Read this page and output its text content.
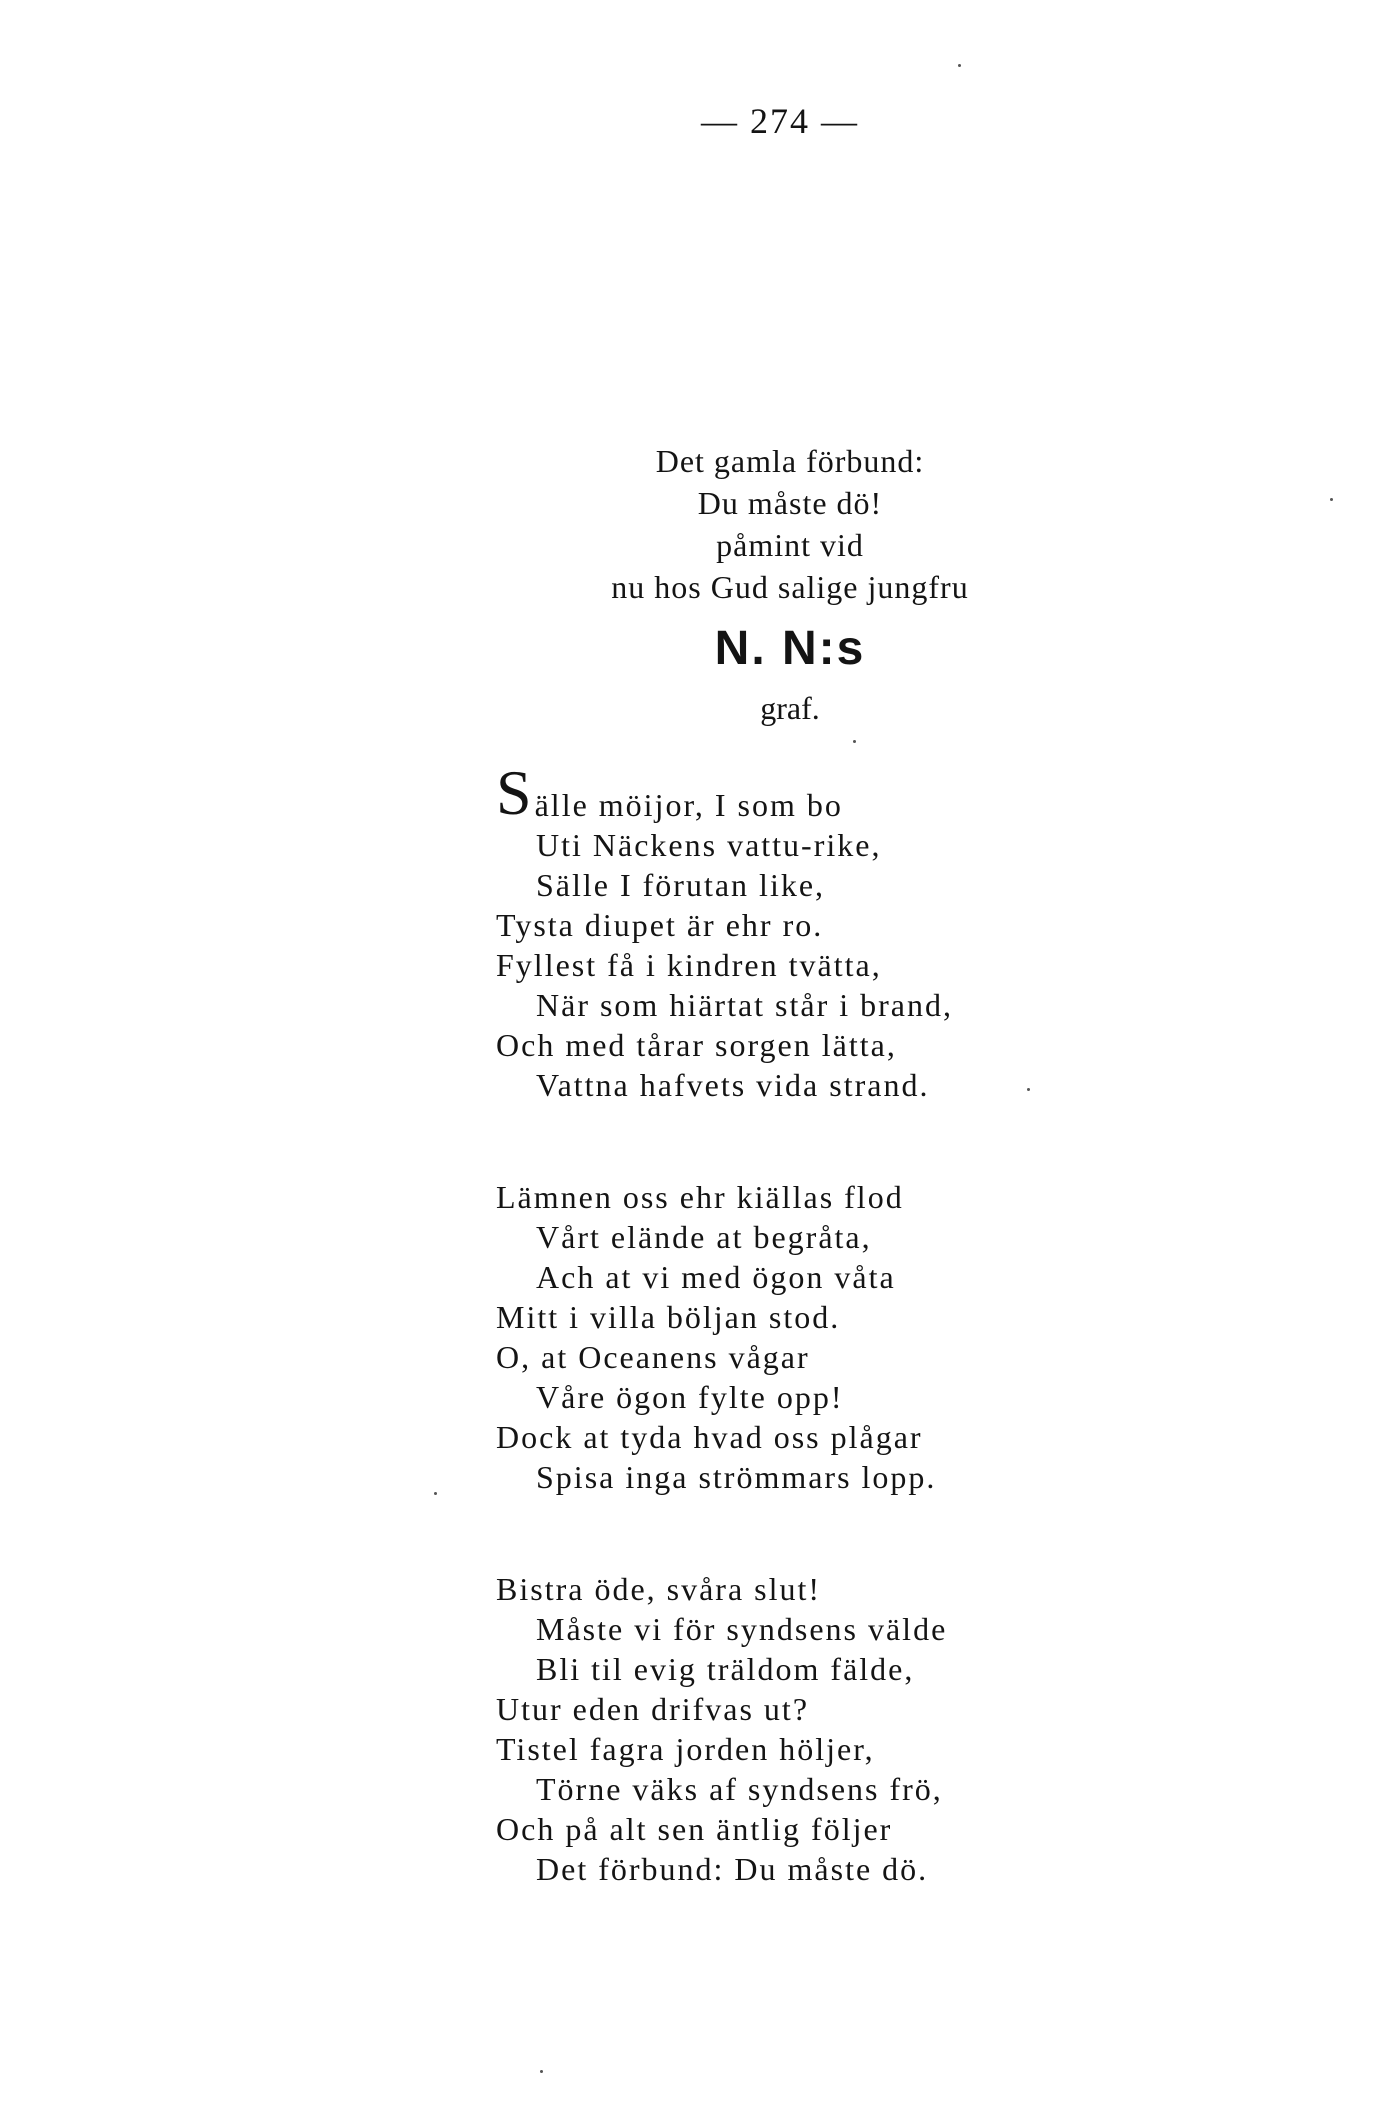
— 274 —
Det gamla förbund:
Du måste dö!
påmint vid
nu hos Gud salige jungfru
N. N:s
graf.
Sälle möijor, I som bo
Uti Näckens vattu-rike,
Sälle I förutan like,
Tysta diupet är ehr ro.
Fyllest få i kindren tvätta,
När som hiärtat står i brand,
Och med tårar sorgen lätta,
Vattna hafvets vida strand.
Lämnen oss ehr kiällas flod
Vårt elände at begråta,
Ach at vi med ögon våta
Mitt i villa böljan stod.
O, at Oceanens vågar
Våre ögon fylte opp!
Dock at tyda hvad oss plågar
Spisa inga strömmars lopp.
Bistra öde, svåra slut!
Måste vi för syndsens välde
Bli til evig träldom fälde,
Utur eden drifvas ut?
Tistel fagra jorden höljer,
Törne väks af syndsens frö,
Och på alt sen äntlig följer
Det förbund: Du måste dö.
